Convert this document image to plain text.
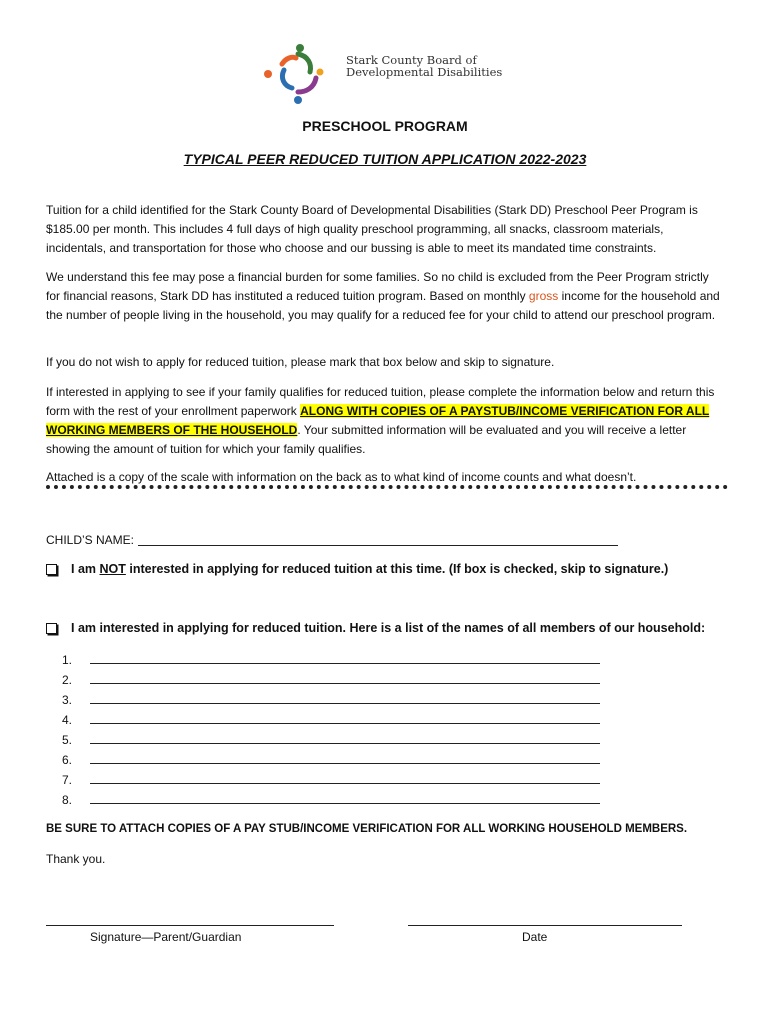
Stark County Board of
Developmental Disabilities
PRESCHOOL PROGRAM
TYPICAL PEER REDUCED TUITION APPLICATION 2022-2023

Tuition for a child identified for the Stark County Board of Developmental Disabilities (Stark DD) Preschool Peer Program is $185.00 per month. This includes 4 full days of high quality preschool programming, all snacks, classroom materials, incidentals, and transportation for those who choose and our bussing is able to meet its mandated time constraints.

We understand this fee may pose a financial burden for some families. So no child is excluded from the Peer Program strictly for financial reasons, Stark DD has instituted a reduced tuition program. Based on monthly gross income for the household and the number of people living in the household, you may qualify for a reduced fee for your child to attend our preschool program.

If you do not wish to apply for reduced tuition, please mark that box below and skip to signature.

If interested in applying to see if your family qualifies for reduced tuition, please complete the information below and return this form with the rest of your enrollment paperwork ALONG WITH COPIES OF A PAYSTUB/INCOME VERIFICATION FOR ALL WORKING MEMBERS OF THE HOUSEHOLD. Your submitted information will be evaluated and you will receive a letter showing the amount of tuition for which your family qualifies.

Attached is a copy of the scale with information on the back as to what kind of income counts and what doesn’t.

CHILD’S NAME:
I am NOT interested in applying for reduced tuition at this time. (If box is checked, skip to signature.)
I am interested in applying for reduced tuition. Here is a list of the names of all members of our household:
1.
2.
3.
4.
5.
6.
7.
8.
BE SURE TO ATTACH COPIES OF A PAY STUB/INCOME VERIFICATION FOR ALL WORKING HOUSEHOLD MEMBERS.
Thank you.
Signature—Parent/Guardian	Date
